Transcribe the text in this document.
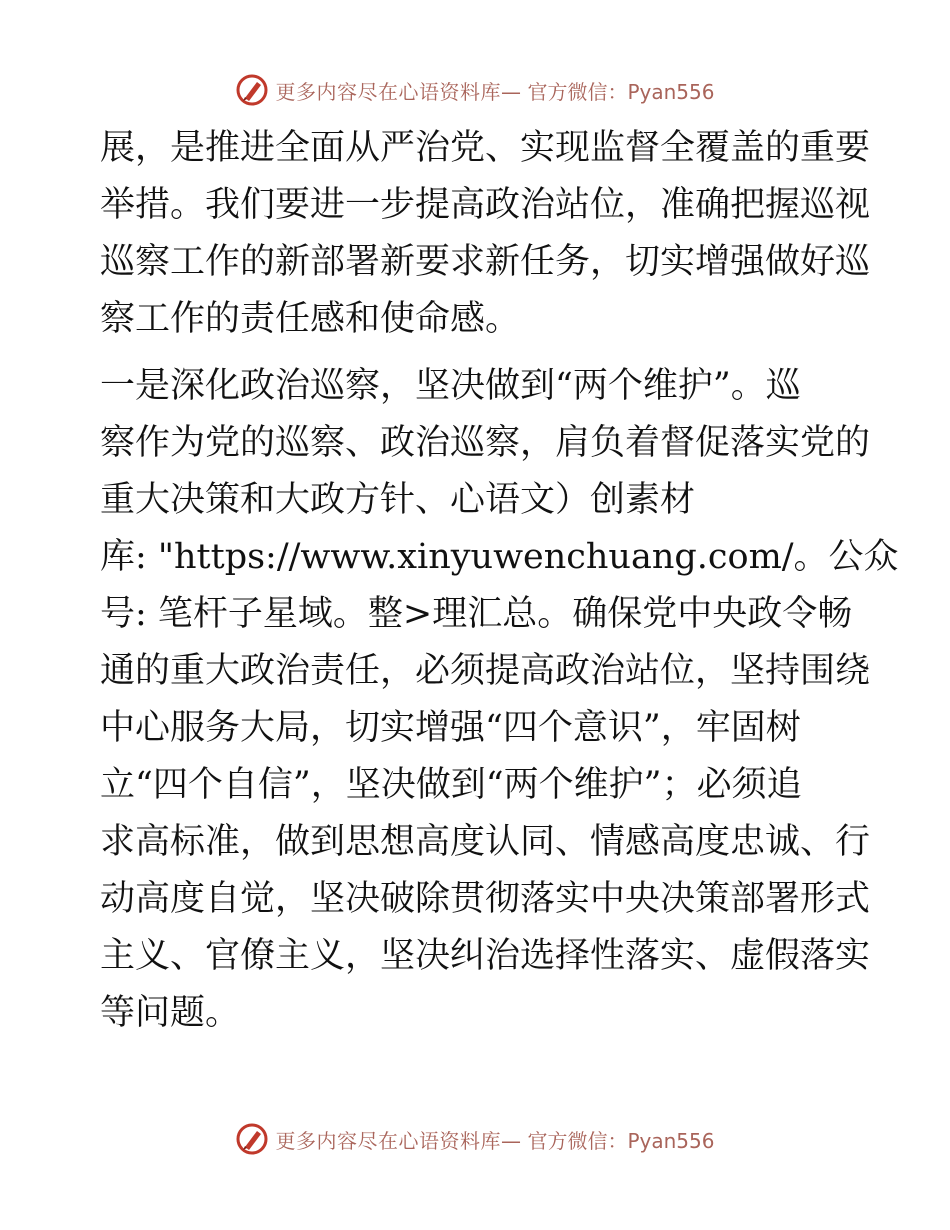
更多内容尽在心语资料库— 官方微信：Pyan556
展，是推进全面从严治党、实现监督全覆盖的重要
举措。我们要进一步提高政治站位，准确把握巡视
巡察工作的新部署新要求新任务，切实增强做好巡
察工作的责任感和使命感。
一是深化政治巡察，坚决做到“两个维护”。巡
察作为党的巡察、政治巡察，肩负着督促落实党的
重大决策和大政方针、心语文）创素材
库: "https://www.xinyuwenchuang.com/。公众
号: 笔杆子星域。整>理汇总。确保党中央政令畅
通的重大政治责任，必须提高政治站位，坚持围绕
中心服务大局，切实增强“四个意识”，牢固树
立“四个自信”，坚决做到“两个维护”；必须追
求高标准，做到思想高度认同、情感高度忠诚、行
动高度自觉，坚决破除贯彻落实中央决策部署形式
主义、官僚主义，坚决纠治选择性落实、虚假落实
等问题。
更多内容尽在心语资料库— 官方微信：Pyan556
